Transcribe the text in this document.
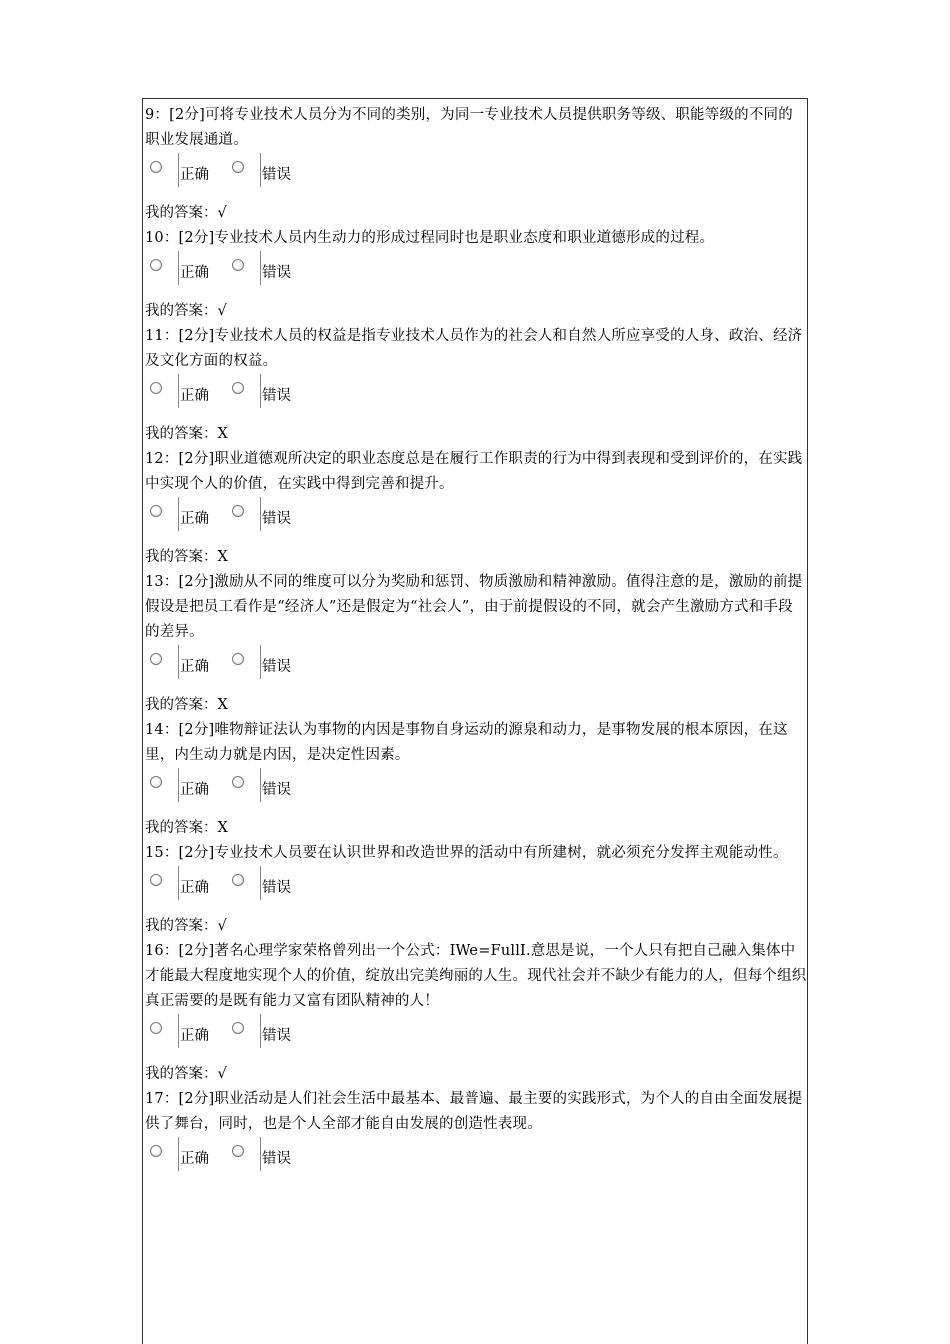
9：[2分]可将专业技术人员分为不同的类别，为同一专业技术人员提供职务等级、职能等级的不同的职业发展通道。

正确	错误

我的答案：√

10：[2分]专业技术人员内生动力的形成过程同时也是职业态度和职业道德形成的过程。

正确	错误

我的答案：√

11：[2分]专业技术人员的权益是指专业技术人员作为的社会人和自然人所应享受的人身、政治、经济及文化方面的权益。

正确	错误

我的答案：X

12：[2分]职业道德观所决定的职业态度总是在履行工作职责的行为中得到表现和受到评价的，在实践中实现个人的价值，在实践中得到完善和提升。

正确	错误

我的答案：X

13：[2分]激励从不同的维度可以分为奖励和惩罚、物质激励和精神激励。值得注意的是，激励的前提假设是把员工看作是“经济人”还是假定为“社会人”，由于前提假设的不同，就会产生激励方式和手段的差异。

正确	错误

我的答案：X

14：[2分]唯物辩证法认为事物的内因是事物自身运动的源泉和动力，是事物发展的根本原因，在这里，内生动力就是内因，是决定性因素。

正确	错误

我的答案：X

15：[2分]专业技术人员要在认识世界和改造世界的活动中有所建树，就必须充分发挥主观能动性。

正确	错误

我的答案：√

16：[2分]著名心理学家荣格曾列出一个公式：IWe=FullI.意思是说，一个人只有把自己融入集体中才能最大程度地实现个人的价值，绽放出完美绚丽的人生。现代社会并不缺少有能力的人，但每个组织真正需要的是既有能力又富有团队精神的人！

正确	错误

我的答案：√

17：[2分]职业活动是人们社会生活中最基本、最普遍、最主要的实践形式，为个人的自由全面发展提供了舞台，同时，也是个人全部才能自由发展的创造性表现。

正确	错误
